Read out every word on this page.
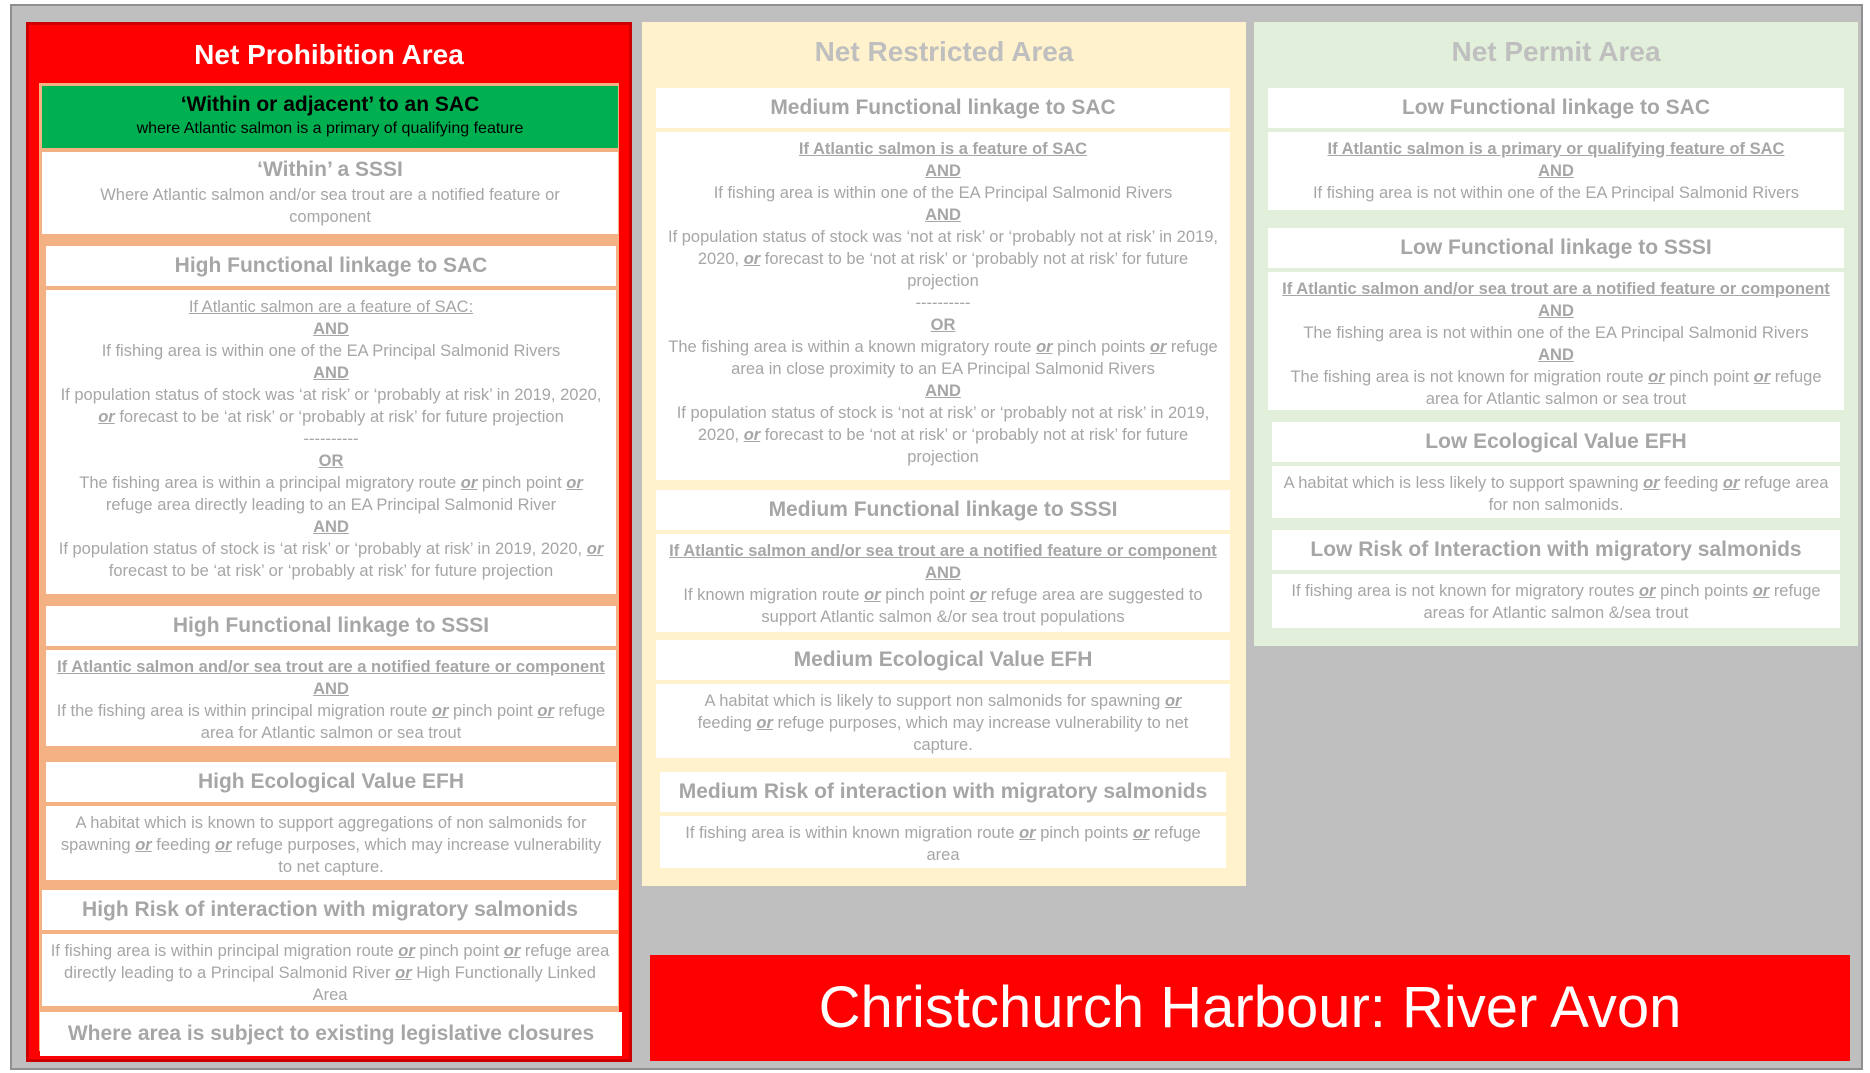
Net Prohibition Area
‘Within or adjacent’ to an SAC
where Atlantic salmon is a primary of qualifying feature
‘Within’ a SSSI
Where Atlantic salmon and/or sea trout are a notified feature or component
High Functional linkage to SAC
If Atlantic salmon are a feature of SAC:
AND
If fishing area is within one of the EA Principal Salmonid Rivers
AND
If population status of stock was ‘at risk’ or ‘probably at risk’ in 2019, 2020, or forecast to be ‘at risk’ or ‘probably at risk’ for future projection
----------
OR
The fishing area is within a principal migratory route or pinch point or refuge area directly leading to an EA Principal Salmonid River
AND
If population status of stock is ‘at risk’ or ‘probably at risk’ in 2019, 2020, or forecast to be ‘at risk’ or ‘probably at risk’ for future projection
High Functional linkage to SSSI
If Atlantic salmon and/or sea trout are a notified feature or component
AND
If the fishing area is within principal migration route or pinch point or refuge area for Atlantic salmon or sea trout
High Ecological Value EFH
A habitat which is known to support aggregations of non salmonids for spawning or feeding or refuge purposes, which may increase vulnerability to net capture.
High Risk of interaction with migratory salmonids
If fishing area is within principal migration route or pinch point or refuge area directly leading to a Principal Salmonid River or High Functionally Linked Area
Where area is subject to existing legislative closures
Net Restricted Area
Medium Functional linkage to SAC
If Atlantic salmon is a feature of SAC
AND
If fishing area is within one of the EA Principal Salmonid Rivers
AND
If population status of stock was ‘not at risk’ or ‘probably not at risk’ in 2019, 2020, or forecast to be ‘not at risk’ or ‘probably not at risk’ for future projection
----------
OR
The fishing area is within a known migratory route or pinch points or refuge area in close proximity to an EA Principal Salmonid Rivers
AND
If population status of stock is ‘not at risk’ or ‘probably not at risk’ in 2019, 2020, or forecast to be ‘not at risk’ or ‘probably not at risk’ for future projection
Medium Functional linkage to SSSI
If Atlantic salmon and/or sea trout are a notified feature or component
AND
If known migration route or pinch point or refuge area are suggested to support Atlantic salmon &/or sea trout populations
Medium Ecological Value EFH
A habitat which is likely to support non salmonids for spawning or feeding or refuge purposes, which may increase vulnerability to net capture.
Medium Risk of interaction with migratory salmonids
If fishing area is within known migration route or pinch points or refuge area
Net Permit Area
Low Functional linkage to SAC
If Atlantic salmon is a primary or qualifying feature of SAC
AND
If fishing area is not within one of the EA Principal Salmonid Rivers
Low Functional linkage to SSSI
If Atlantic salmon and/or sea trout are a notified feature or component
AND
The fishing area is not within one of the EA Principal Salmonid Rivers
AND
The fishing area is not known for migration route or pinch point or refuge area for Atlantic salmon or sea trout
Low Ecological Value EFH
A habitat which is less likely to support spawning or feeding or refuge area for non salmonids.
Low Risk of Interaction with migratory salmonids
If fishing area is not known for migratory routes or pinch points or refuge areas for Atlantic salmon &/sea trout
Christchurch Harbour: River Avon
